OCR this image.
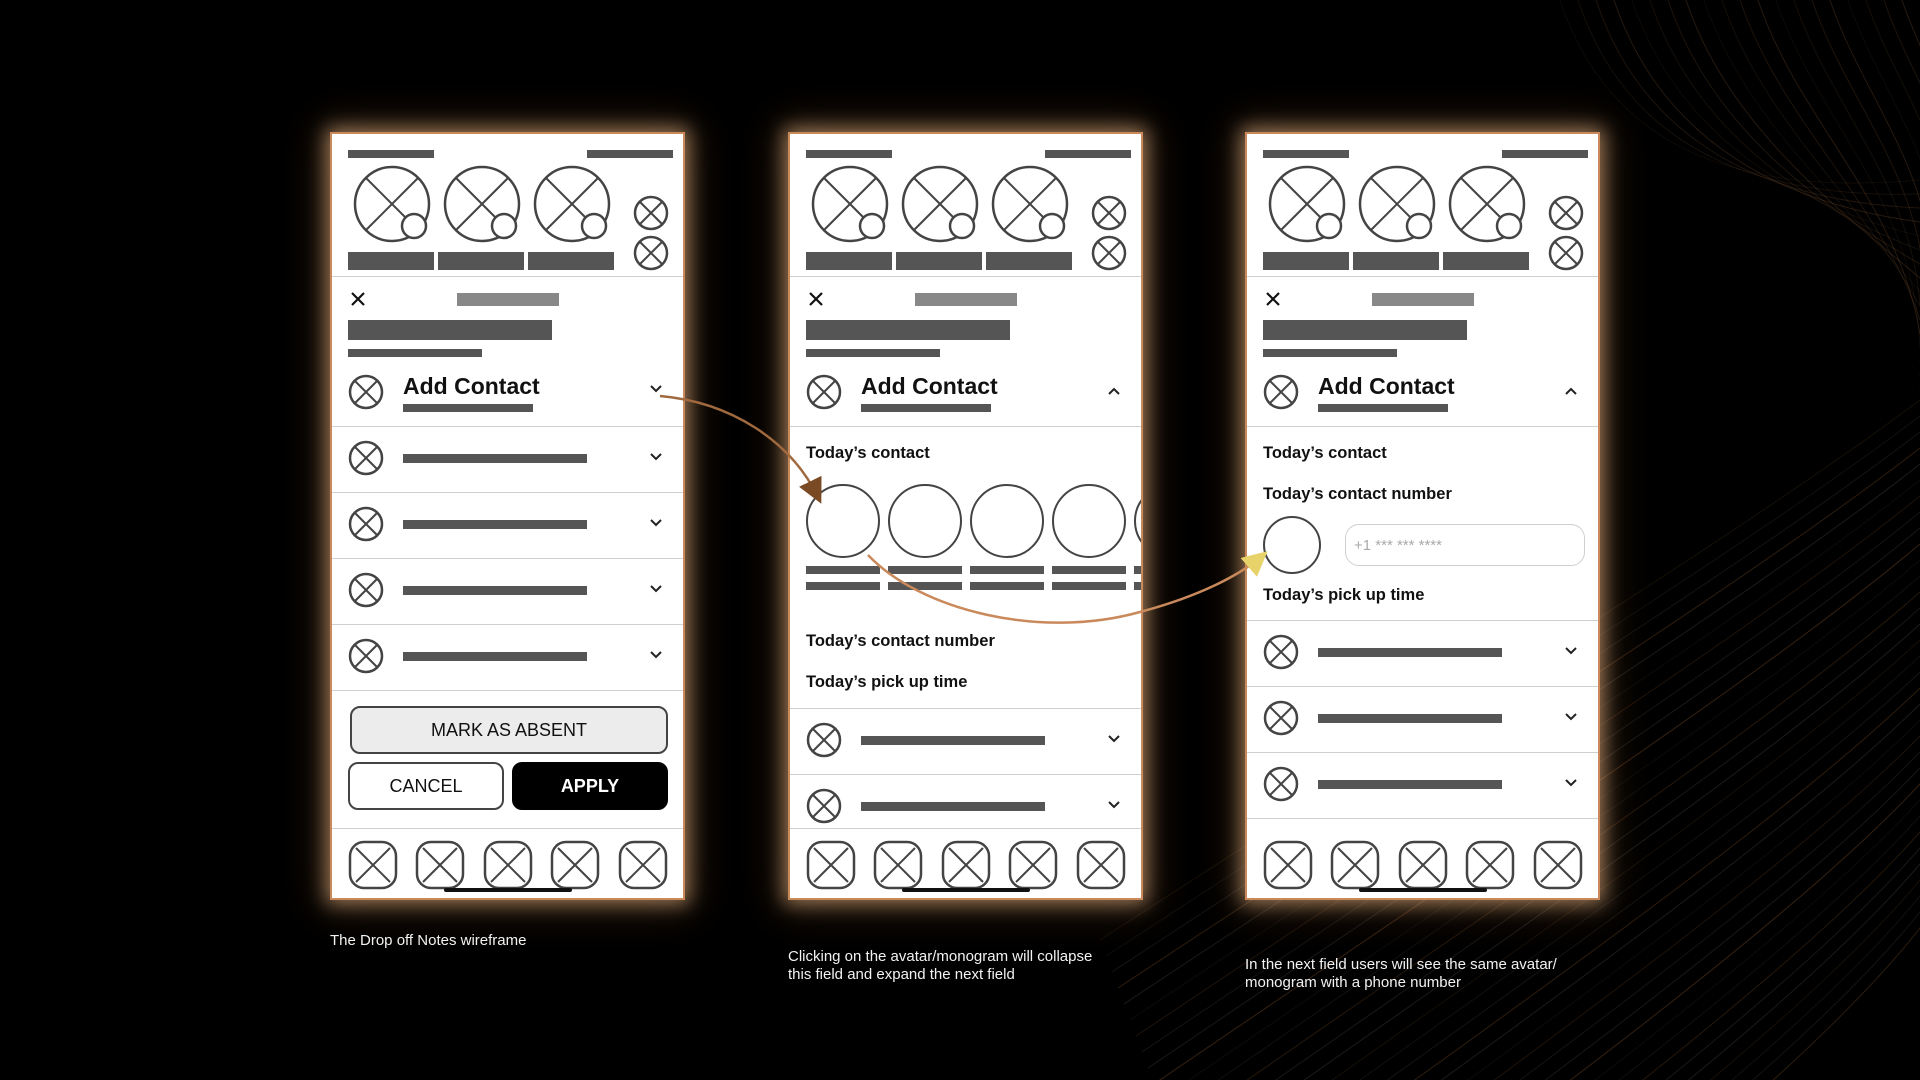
Add Contact
MARK AS ABSENT
CANCEL	APPLY
Add Contact
Today’s contact
Today’s contact number
Today’s pick up time
Add Contact
Today’s contact
Today’s contact number
+1 *** *** ****
Today’s pick up time
The Drop off Notes wireframe
Clicking on the avatar/monogram will collapse
this field and expand the next field
In the next field users will see the same avatar/
monogram with a phone number
